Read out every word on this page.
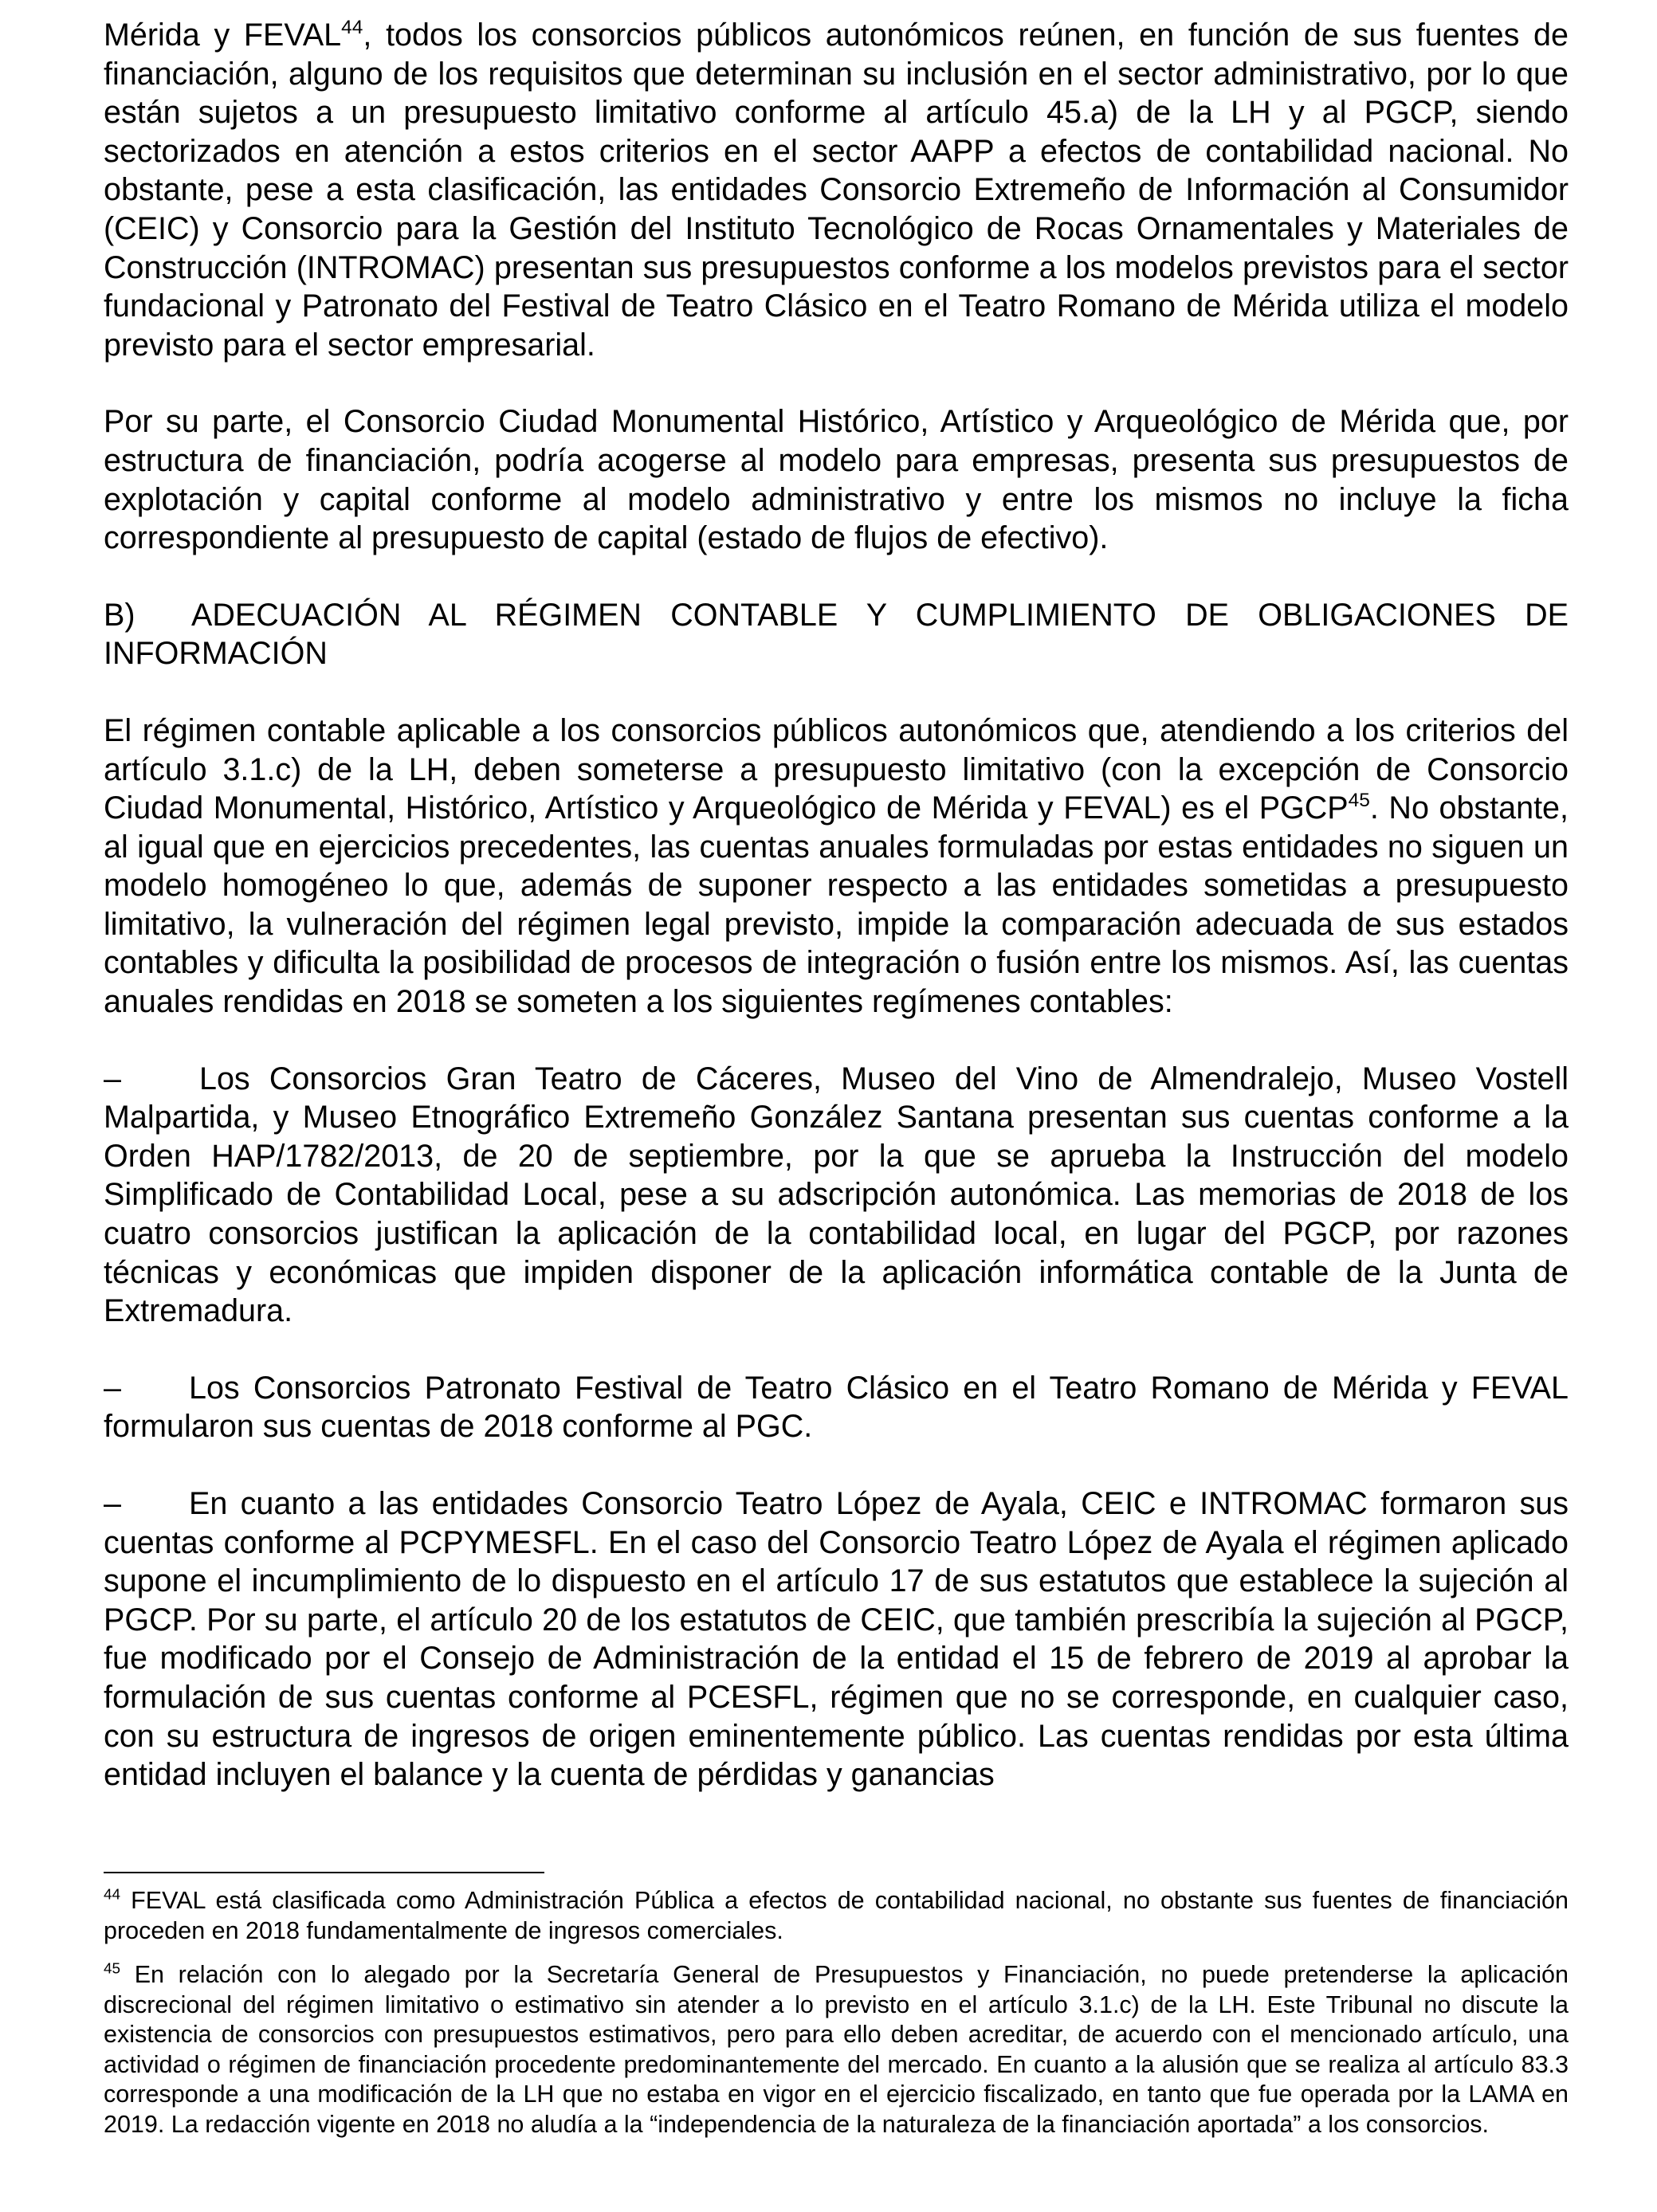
Mérida y FEVAL$^{44}$, todos los consorcios públicos autonómicos reúnen, en función de sus fuentes de financiación, alguno de los requisitos que determinan su inclusión en el sector administrativo, por lo que están sujetos a un presupuesto limitativo conforme al artículo 45.a) de la LH y al PGCP, siendo sectorizados en atención a estos criterios en el sector AAPP a efectos de contabilidad nacional. No obstante, pese a esta clasificación, las entidades Consorcio Extremeño de Información al Consumidor (CEIC) y Consorcio para la Gestión del Instituto Tecnológico de Rocas Ornamentales y Materiales de Construcción (INTROMAC) presentan sus presupuestos conforme a los modelos previstos para el sector fundacional y Patronato del Festival de Teatro Clásico en el Teatro Romano de Mérida utiliza el modelo previsto para el sector empresarial.

Por su parte, el Consorcio Ciudad Monumental Histórico, Artístico y Arqueológico de Mérida que, por estructura de financiación, podría acogerse al modelo para empresas, presenta sus presupuestos de explotación y capital conforme al modelo administrativo y entre los mismos no incluye la ficha correspondiente al presupuesto de capital (estado de flujos de efectivo).

B) ADECUACIÓN AL RÉGIMEN CONTABLE Y CUMPLIMIENTO DE OBLIGACIONES DE INFORMACIÓN

El régimen contable aplicable a los consorcios públicos autonómicos que, atendiendo a los criterios del artículo 3.1.c) de la LH, deben someterse a presupuesto limitativo (con la excepción de Consorcio Ciudad Monumental, Histórico, Artístico y Arqueológico de Mérida y FEVAL) es el PGCP$^{45}$. No obstante, al igual que en ejercicios precedentes, las cuentas anuales formuladas por estas entidades no siguen un modelo homogéneo lo que, además de suponer respecto a las entidades sometidas a presupuesto limitativo, la vulneración del régimen legal previsto, impide la comparación adecuada de sus estados contables y dificulta la posibilidad de procesos de integración o fusión entre los mismos. Así, las cuentas anuales rendidas en 2018 se someten a los siguientes regímenes contables:

– Los Consorcios Gran Teatro de Cáceres, Museo del Vino de Almendralejo, Museo Vostell Malpartida, y Museo Etnográfico Extremeño González Santana presentan sus cuentas conforme a la Orden HAP/1782/2013, de 20 de septiembre, por la que se aprueba la Instrucción del modelo Simplificado de Contabilidad Local, pese a su adscripción autonómica. Las memorias de 2018 de los cuatro consorcios justifican la aplicación de la contabilidad local, en lugar del PGCP, por razones técnicas y económicas que impiden disponer de la aplicación informática contable de la Junta de Extremadura.

– Los Consorcios Patronato Festival de Teatro Clásico en el Teatro Romano de Mérida y FEVAL formularon sus cuentas de 2018 conforme al PGC.

– En cuanto a las entidades Consorcio Teatro López de Ayala, CEIC e INTROMAC formaron sus cuentas conforme al PCPYMESFL. En el caso del Consorcio Teatro López de Ayala el régimen aplicado supone el incumplimiento de lo dispuesto en el artículo 17 de sus estatutos que establece la sujeción al PGCP. Por su parte, el artículo 20 de los estatutos de CEIC, que también prescribía la sujeción al PGCP, fue modificado por el Consejo de Administración de la entidad el 15 de febrero de 2019 al aprobar la formulación de sus cuentas conforme al PCESFL, régimen que no se corresponde, en cualquier caso, con su estructura de ingresos de origen eminentemente público. Las cuentas rendidas por esta última entidad incluyen el balance y la cuenta de pérdidas y ganancias

$^{44}$ FEVAL está clasificada como Administración Pública a efectos de contabilidad nacional, no obstante sus fuentes de financiación proceden en 2018 fundamentalmente de ingresos comerciales.

$^{45}$ En relación con lo alegado por la Secretaría General de Presupuestos y Financiación, no puede pretenderse la aplicación discrecional del régimen limitativo o estimativo sin atender a lo previsto en el artículo 3.1.c) de la LH. Este Tribunal no discute la existencia de consorcios con presupuestos estimativos, pero para ello deben acreditar, de acuerdo con el mencionado artículo, una actividad o régimen de financiación procedente predominantemente del mercado. En cuanto a la alusión que se realiza al artículo 83.3 corresponde a una modificación de la LH que no estaba en vigor en el ejercicio fiscalizado, en tanto que fue operada por la LAMA en 2019. La redacción vigente en 2018 no aludía a la “independencia de la naturaleza de la financiación aportada” a los consorcios.
